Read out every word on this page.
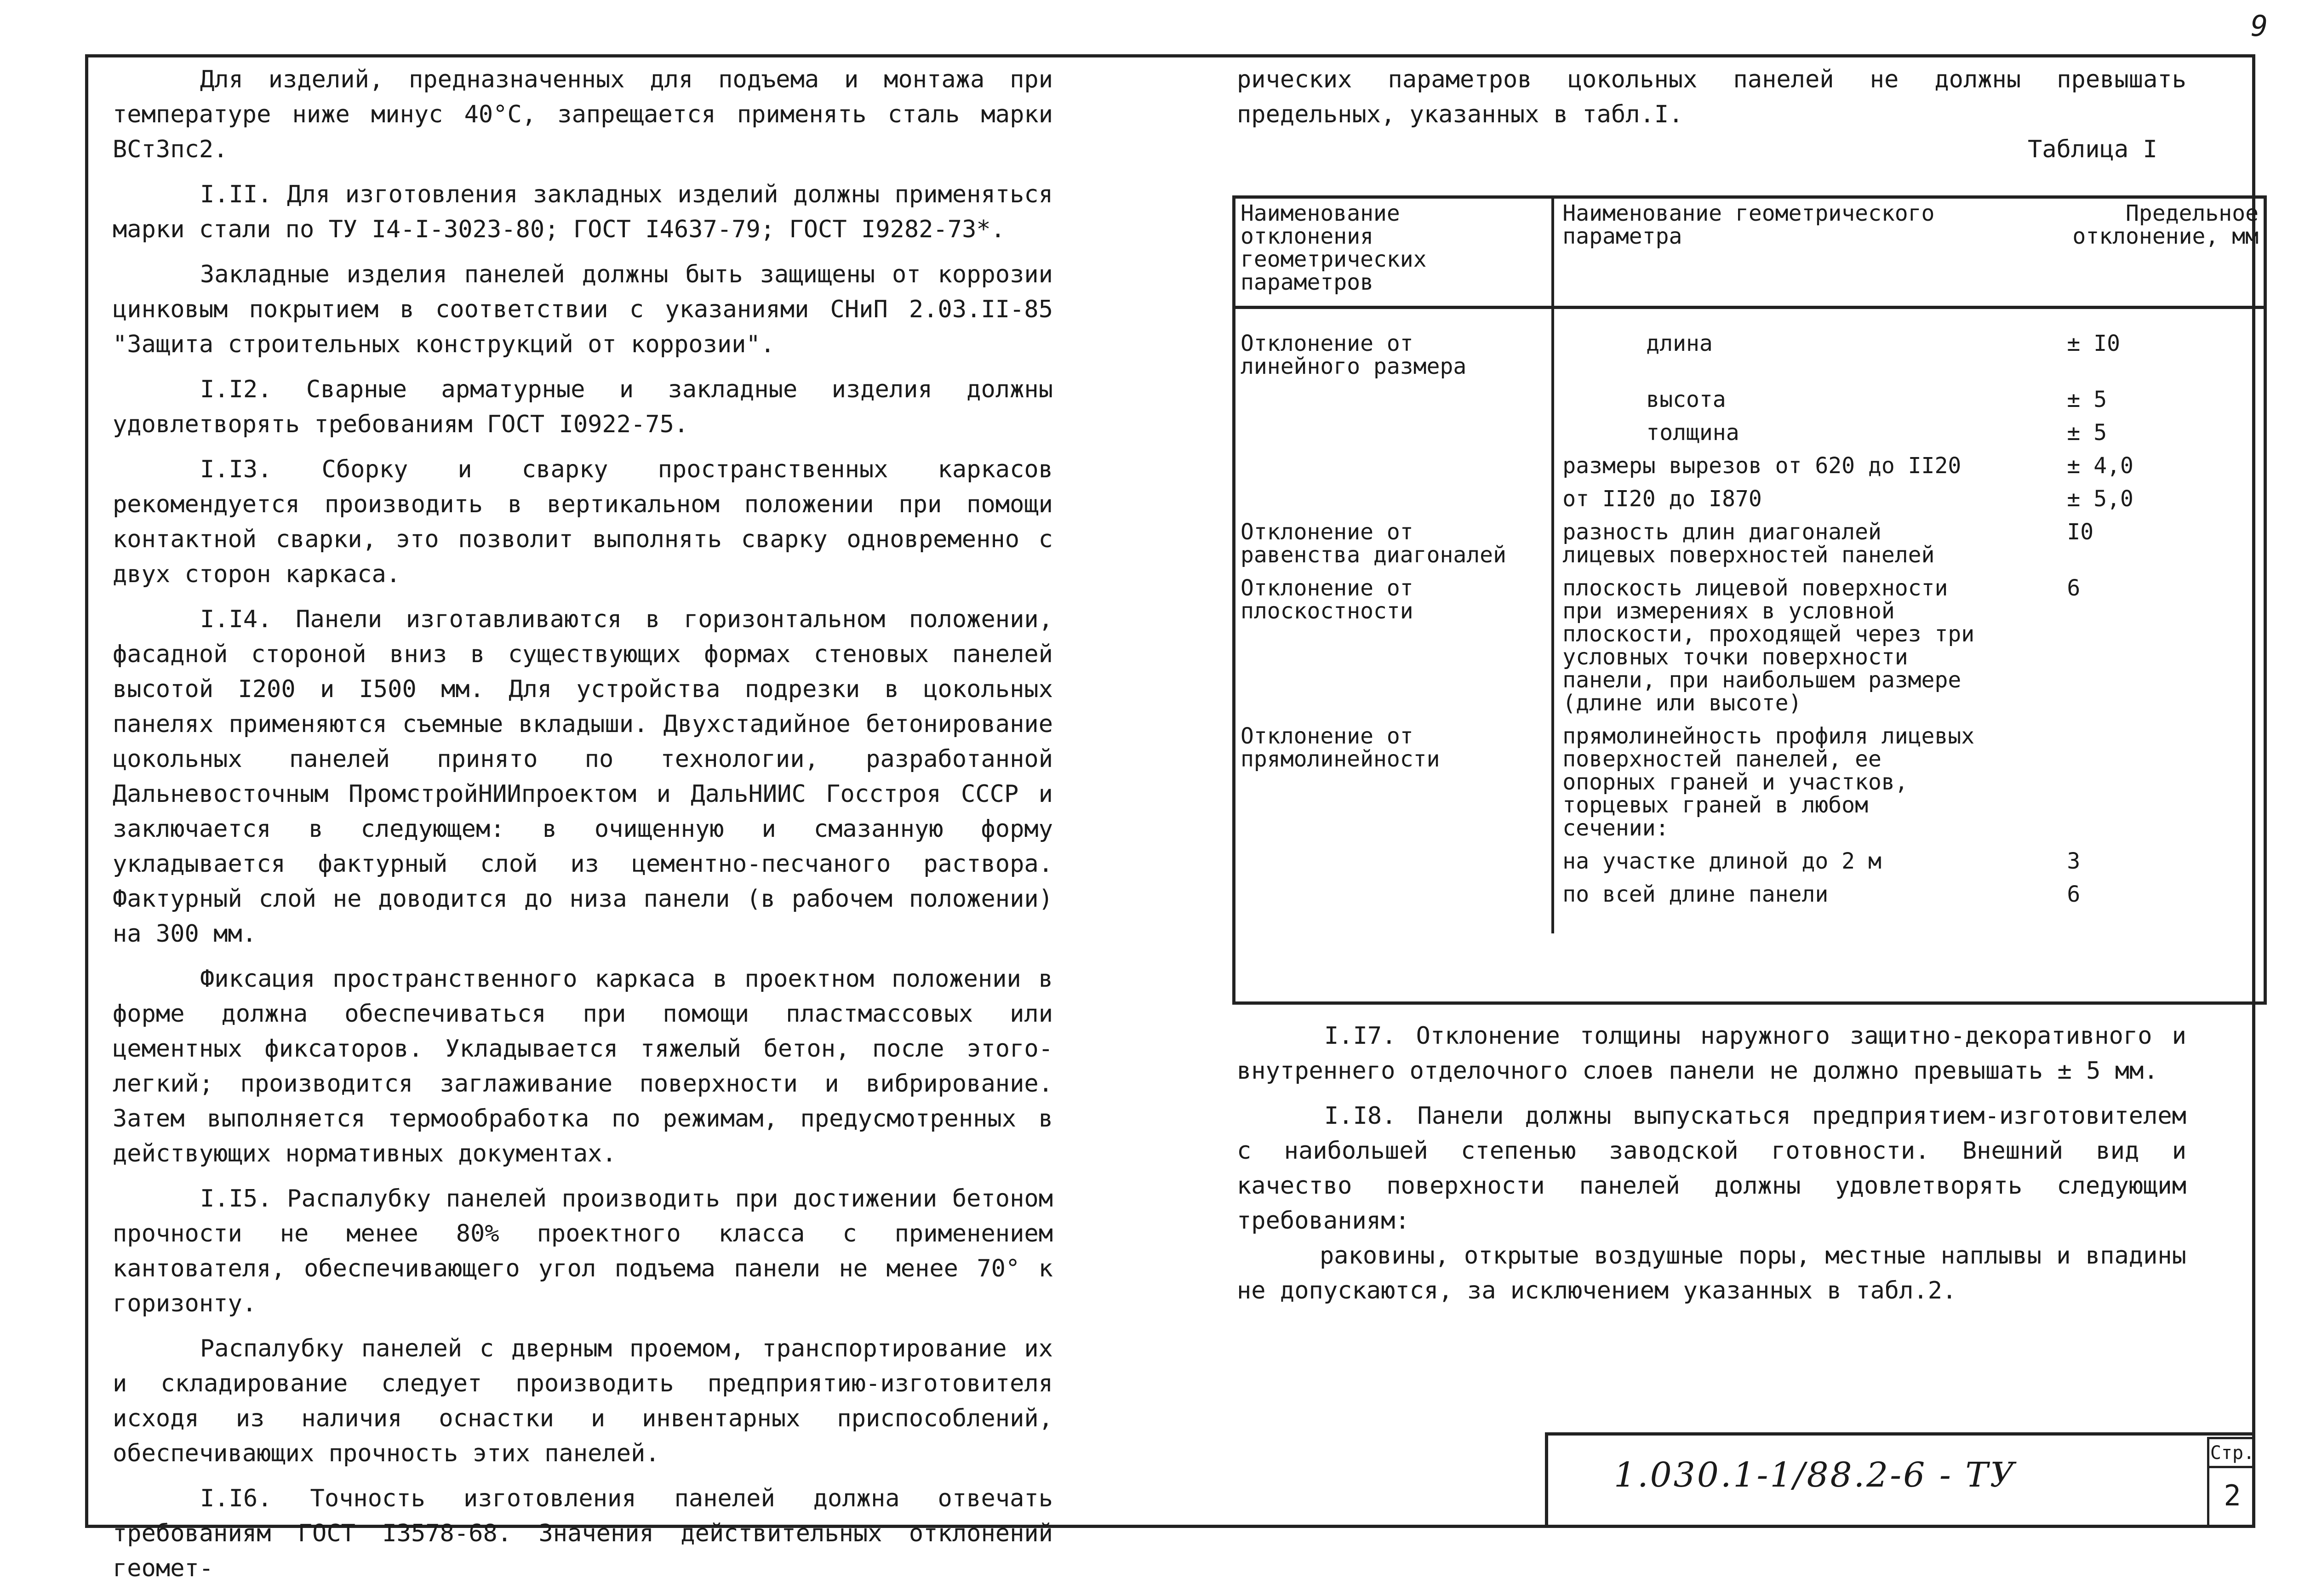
9

Для изделий, предназначенных для подъема и монтажа при температуре ниже минус 40°С, запрещается применять сталь марки ВСт3пс2.

I.II. Для изготовления закладных изделий должны применяться марки стали по ТУ I4-I-3023-80; ГОСТ I4637-79; ГОСТ I9282-73*.

Закладные изделия панелей должны быть защищены от коррозии цинковым покрытием в соответствии с указаниями СНиП 2.03.II-85 "Защита строительных конструкций от коррозии".

I.I2. Сварные арматурные и закладные изделия должны удовлетворять требованиям ГОСТ I0922-75.

I.I3. Сборку и сварку пространственных каркасов рекомендуется производить в вертикальном положении при помощи контактной сварки, это позволит выполнять сварку одновременно с двух сторон каркаса.

I.I4. Панели изготавливаются в горизонтальном положении, фасадной стороной вниз в существующих формах стеновых панелей высотой I200 и I500 мм. Для устройства подрезки в цокольных панелях применяются съемные вкладыши. Двухстадийное бетонирование цокольных панелей принято по технологии, разработанной Дальневосточным ПромстройНИИпроектом и ДальНИИС Госстроя СССР и заключается в следующем: в очищенную и смазанную форму укладывается фактурный слой из цементно-песчаного раствора. Фактурный слой не доводится до низа панели (в рабочем положении) на 300 мм.

Фиксация пространственного каркаса в проектном положении в форме должна обеспечиваться при помощи пластмассовых или цементных фиксаторов. Укладывается тяжелый бетон, после этого-легкий; производится заглаживание поверхности и вибрирование. Затем выполняется термообработка по режимам, предусмотренных в действующих нормативных документах.

I.I5. Распалубку панелей производить при достижении бетоном прочности не менее 80% проектного класса с применением кантователя, обеспечивающего угол подъема панели не менее 70° к горизонту.

Распалубку панелей с дверным проемом, транспортирование их и складирование следует производить предприятию-изготовителя исходя из наличия оснастки и инвентарных приспособлений, обеспечивающих прочность этих панелей.

I.I6. Точность изготовления панелей должна отвечать требованиям ГОСТ I3578-68. Значения действительных отклонений геомет-

рических параметров цокольных панелей не должны превышать предельных, указанных в табл.I.

Таблица I
Наименование отклонения геометрических параметров	Наименование геометрического параметра	Предельное отклонение, мм
Отклонение от линейного размера	длина	± I0
	высота	± 5
	толщина	± 5
	размеры вырезов от 620 до II20	± 4,0
	от II20 до I870	± 5,0
Отклонение от равенства диагоналей	разность длин диагоналей лицевых поверхностей панелей	I0
Отклонение от плоскостности	плоскость лицевой поверхности при измерениях в условной плоскости, проходящей через три условных точки поверхности панели, при наибольшем размере (длине или высоте)	6
Отклонение от прямолинейности	прямолинейность профиля лицевых поверхностей панелей, ее опорных граней и участков, торцевых граней в любом сечении:	
	на участке длиной до 2 м	3
	по всей длине панели	6

I.I7. Отклонение толщины наружного защитно-декоративного и внутреннего отделочного слоев панели не должно превышать ± 5 мм.

I.I8. Панели должны выпускаться предприятием-изготовителем с наибольшей степенью заводской готовности. Внешний вид и качество поверхности панелей должны удовлетворять следующим требованиям:

раковины, открытые воздушные поры, местные наплывы и впадины не допускаются, за исключением указанных в табл.2.

1.030.1-1/88.2-6 - ТУ
Стр.
2
